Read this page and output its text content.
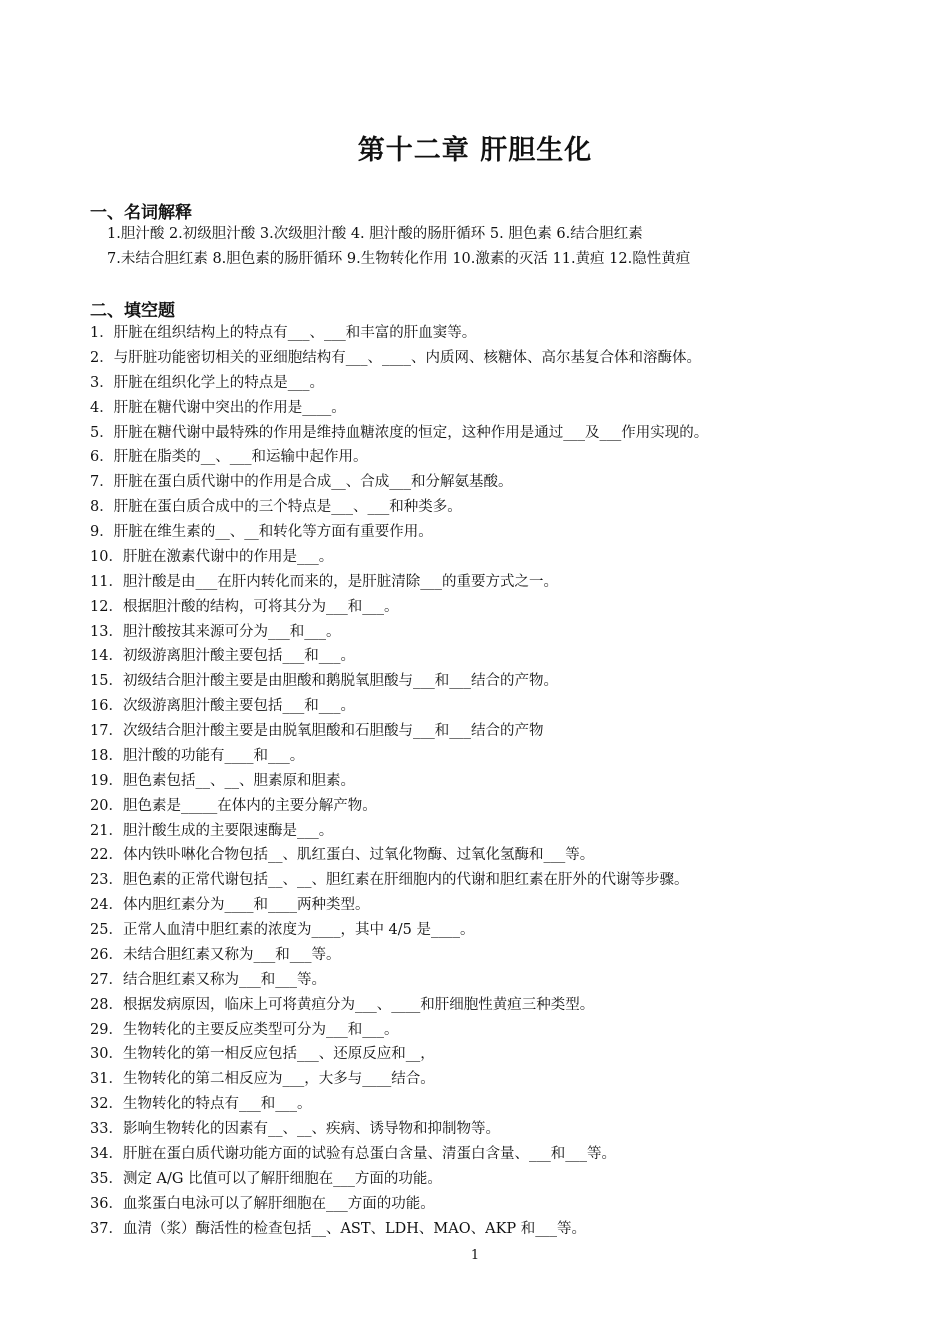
第十二章 肝胆生化
一、名词解释
1.胆汁酸 2.初级胆汁酸 3.次级胆汁酸 4. 胆汁酸的肠肝循环 5. 胆色素 6.结合胆红素
7.未结合胆红素 8.胆色素的肠肝循环 9.生物转化作用 10.激素的灭活 11.黄疸 12.隐性黄疸
二、填空题
1．肝脏在组织结构上的特点有___、___和丰富的肝血窦等。
2．与肝脏功能密切相关的亚细胞结构有___、____、内质网、核糖体、高尔基复合体和溶酶体。
3．肝脏在组织化学上的特点是___。
4．肝脏在糖代谢中突出的作用是____。
5．肝脏在糖代谢中最特殊的作用是维持血糖浓度的恒定，这种作用是通过___及___作用实现的。
6．肝脏在脂类的__、___和运输中起作用。
7．肝脏在蛋白质代谢中的作用是合成__、合成___和分解氨基酸。
8．肝脏在蛋白质合成中的三个特点是___、___和种类多。
9．肝脏在维生素的__、__和转化等方面有重要作用。
10．肝脏在激素代谢中的作用是___。
11．胆汁酸是由___在肝内转化而来的，是肝脏清除___的重要方式之一。
12．根据胆汁酸的结构，可将其分为___和___。
13．胆汁酸按其来源可分为___和___。
14．初级游离胆汁酸主要包括___和___。
15．初级结合胆汁酸主要是由胆酸和鹅脱氧胆酸与___和___结合的产物。
16．次级游离胆汁酸主要包括___和___。
17．次级结合胆汁酸主要是由脱氧胆酸和石胆酸与___和___结合的产物
18．胆汁酸的功能有____和___。
19．胆色素包括__、__、胆素原和胆素。
20．胆色素是_____在体内的主要分解产物。
21．胆汁酸生成的主要限速酶是___。
22．体内铁卟啉化合物包括__、肌红蛋白、过氧化物酶、过氧化氢酶和___等。
23．胆色素的正常代谢包括__、__、胆红素在肝细胞内的代谢和胆红素在肝外的代谢等步骤。
24．体内胆红素分为____和____两种类型。
25．正常人血清中胆红素的浓度为____，其中 4/5 是____。
26．未结合胆红素又称为___和___等。
27．结合胆红素又称为___和___等。
28．根据发病原因，临床上可将黄疸分为___、____和肝细胞性黄疸三种类型。
29．生物转化的主要反应类型可分为___和___。
30．生物转化的第一相反应包括___、还原反应和__，
31．生物转化的第二相反应为___，大多与____结合。
32．生物转化的特点有___和___。
33．影响生物转化的因素有__、__、疾病、诱导物和抑制物等。
34．肝脏在蛋白质代谢功能方面的试验有总蛋白含量、清蛋白含量、___和___等。
35．测定 A/G 比值可以了解肝细胞在___方面的功能。
36．血浆蛋白电泳可以了解肝细胞在___方面的功能。
37．血清（浆）酶活性的检查包括__、AST、LDH、MAO、AKP 和___等。
1
